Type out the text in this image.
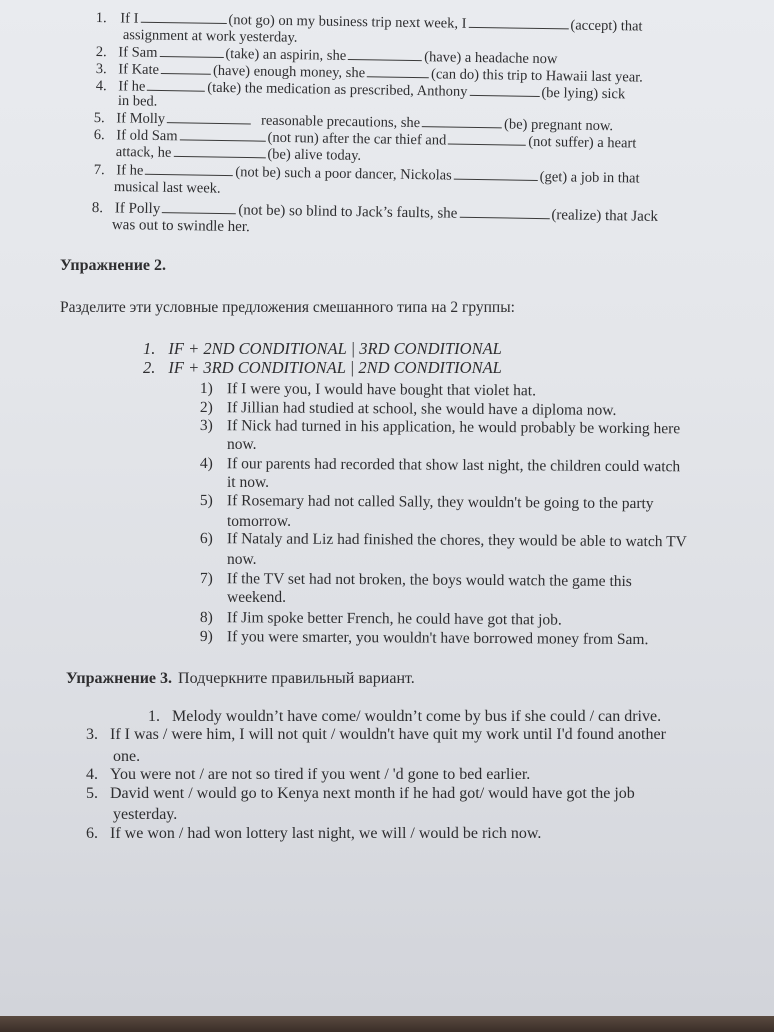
1. If I	(not go) on my business trip next week, I	(accept) that
assignment at work yesterday.
2. If Sam	(take) an aspirin, she	(have) a headache now
3. If Kate	(have) enough money, she	(can do) this trip to Hawaii last year.
4. If he	(take) the medication as prescribed, Anthony	(be lying) sick
in bed.
5. If Molly	reasonable precautions, she	(be) pregnant now.
6. If old Sam	(not run) after the car thief and	(not suffer) a heart
attack, he	(be) alive today.
7. If he	(not be) such a poor dancer, Nickolas	(get) a job in that
musical last week.
8. If Polly	(not be) so blind to Jack’s faults, she	(realize) that Jack
was out to swindle her.
Упражнение 2.
Разделите эти условные предложения смешанного типа на 2 группы:
1. IF + 2ND CONDITIONAL | 3RD CONDITIONAL
2. IF + 3RD CONDITIONAL | 2ND CONDITIONAL
1) If I were you, I would have bought that violet hat.
2) If Jillian had studied at school, she would have a diploma now.
3) If Nick had turned in his application, he would probably be working here
now.
4) If our parents had recorded that show last night, the children could watch
it now.
5) If Rosemary had not called Sally, they wouldn't be going to the party
tomorrow.
6) If Nataly and Liz had finished the chores, they would be able to watch TV
now.
7) If the TV set had not broken, the boys would watch the game this
weekend.
8) If Jim spoke better French, he could have got that job.
9) If you were smarter, you wouldn't have borrowed money from Sam.
Упражнение 3. Подчеркните правильный вариант.
1. Melody wouldn’t have come/ wouldn’t come by bus if she could / can drive.
3. If I was / were him, I will not quit / wouldn't have quit my work until I'd found another
one.
4. You were not / are not so tired if you went / 'd gone to bed earlier.
5. David went / would go to Kenya next month if he had got/ would have got the job
yesterday.
6. If we won / had won lottery last night, we will / would be rich now.
